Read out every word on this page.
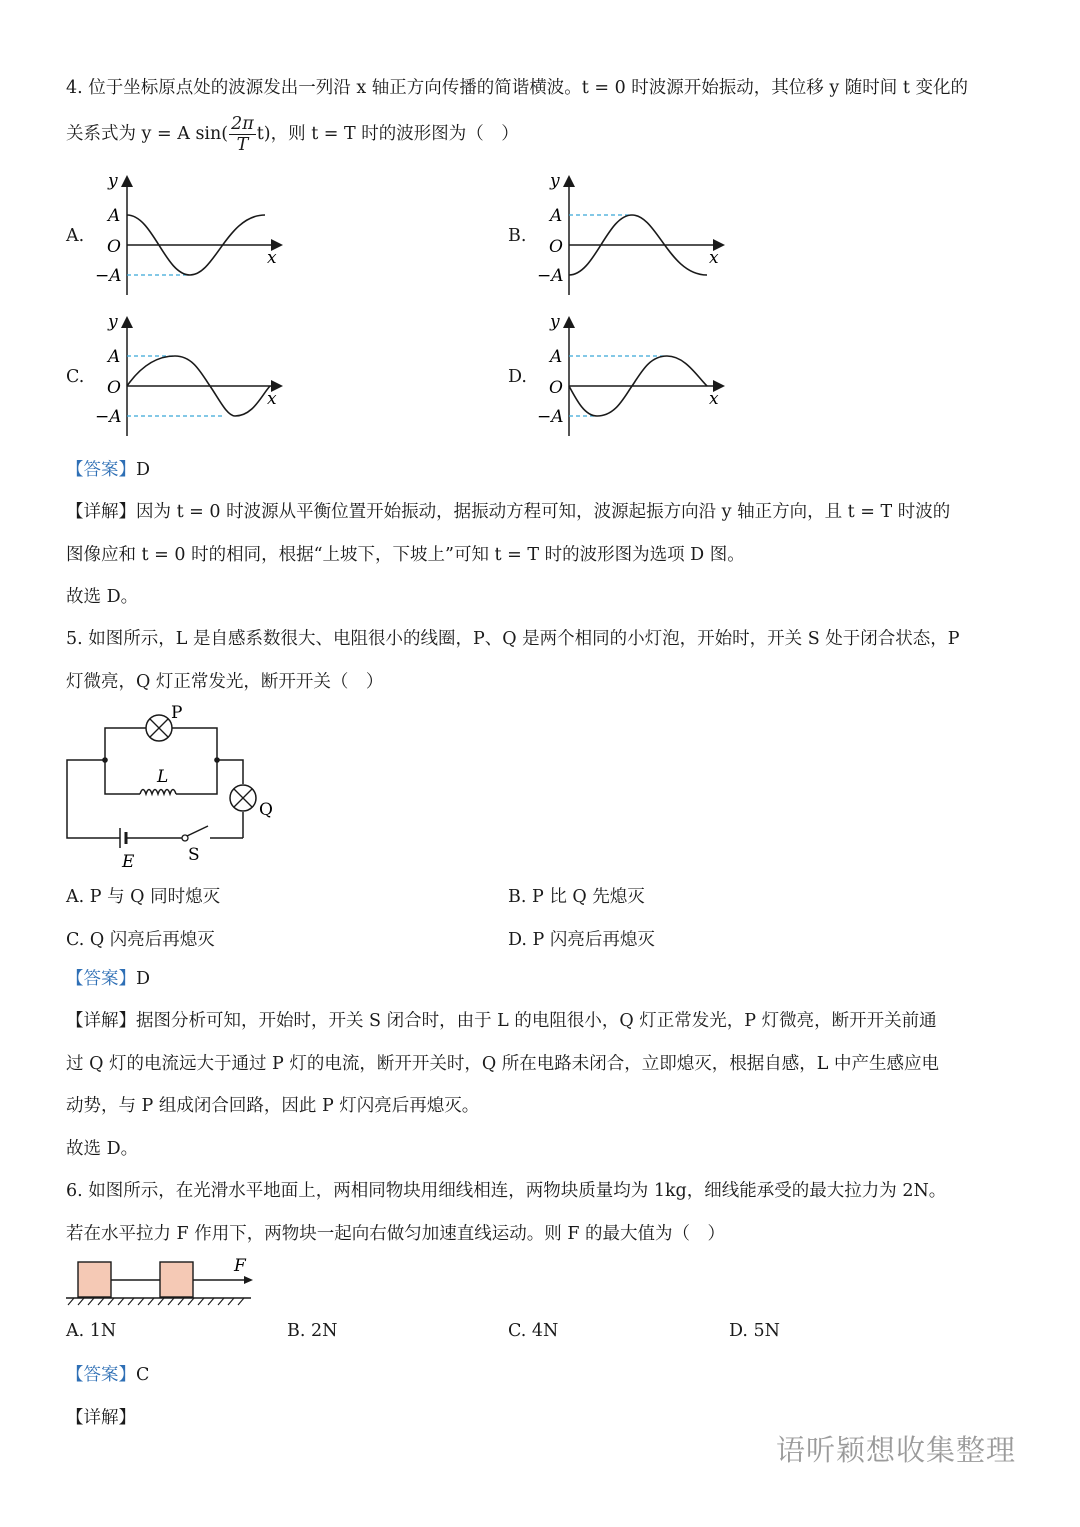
4. 位于坐标原点处的波源发出一列沿 x 轴正方向传播的简谐横波。t = 0 时波源开始振动，其位移 y 随时间 t 变化的
关系式为 y = A $\sin( \frac{2\pi}{T} t)$，则 t = T 时的波形图为（　）
A.
y
A
O
−A
x
B.
y
A
O
−A
x
C.
y
A
O
−A
x
D.
y
A
O
−A
x
【答案】D
【详解】因为 t = 0 时波源从平衡位置开始振动，据振动方程可知，波源起振方向沿 y 轴正方向，且 t = T 时波的
图像应和 t = 0 时的相同，根据“上坡下，下坡上”可知 t = T 时的波形图为选项 D 图。
故选 D。
5. 如图所示，L 是自感系数很大、电阻很小的线圈，P、Q 是两个相同的小灯泡，开始时，开关 S 处于闭合状态，P
灯微亮，Q 灯正常发光，断开开关（　）
E	S
Q
P
L
A. P 与 Q 同时熄灭	B. P 比 Q 先熄灭
C. Q 闪亮后再熄灭	D. P 闪亮后再熄灭
【答案】D
【详解】据图分析可知，开始时，开关 S 闭合时，由于 L 的电阻很小，Q 灯正常发光，P 灯微亮，断开开关前通
过 Q 灯的电流远大于通过 P 灯的电流，断开开关时，Q 所在电路未闭合，立即熄灭，根据自感，L 中产生感应电
动势，与 P 组成闭合回路，因此 P 灯闪亮后再熄灭。
故选 D。
6. 如图所示，在光滑水平地面上，两相同物块用细线相连，两物块质量均为 1kg，细线能承受的最大拉力为 2N。
若在水平拉力 F 作用下，两物块一起向右做匀加速直线运动。则 F 的最大值为（　）
F
A. 1N	B. 2N	C. 4N	D. 5N
【答案】C
【详解】
语听颖想收集整理
